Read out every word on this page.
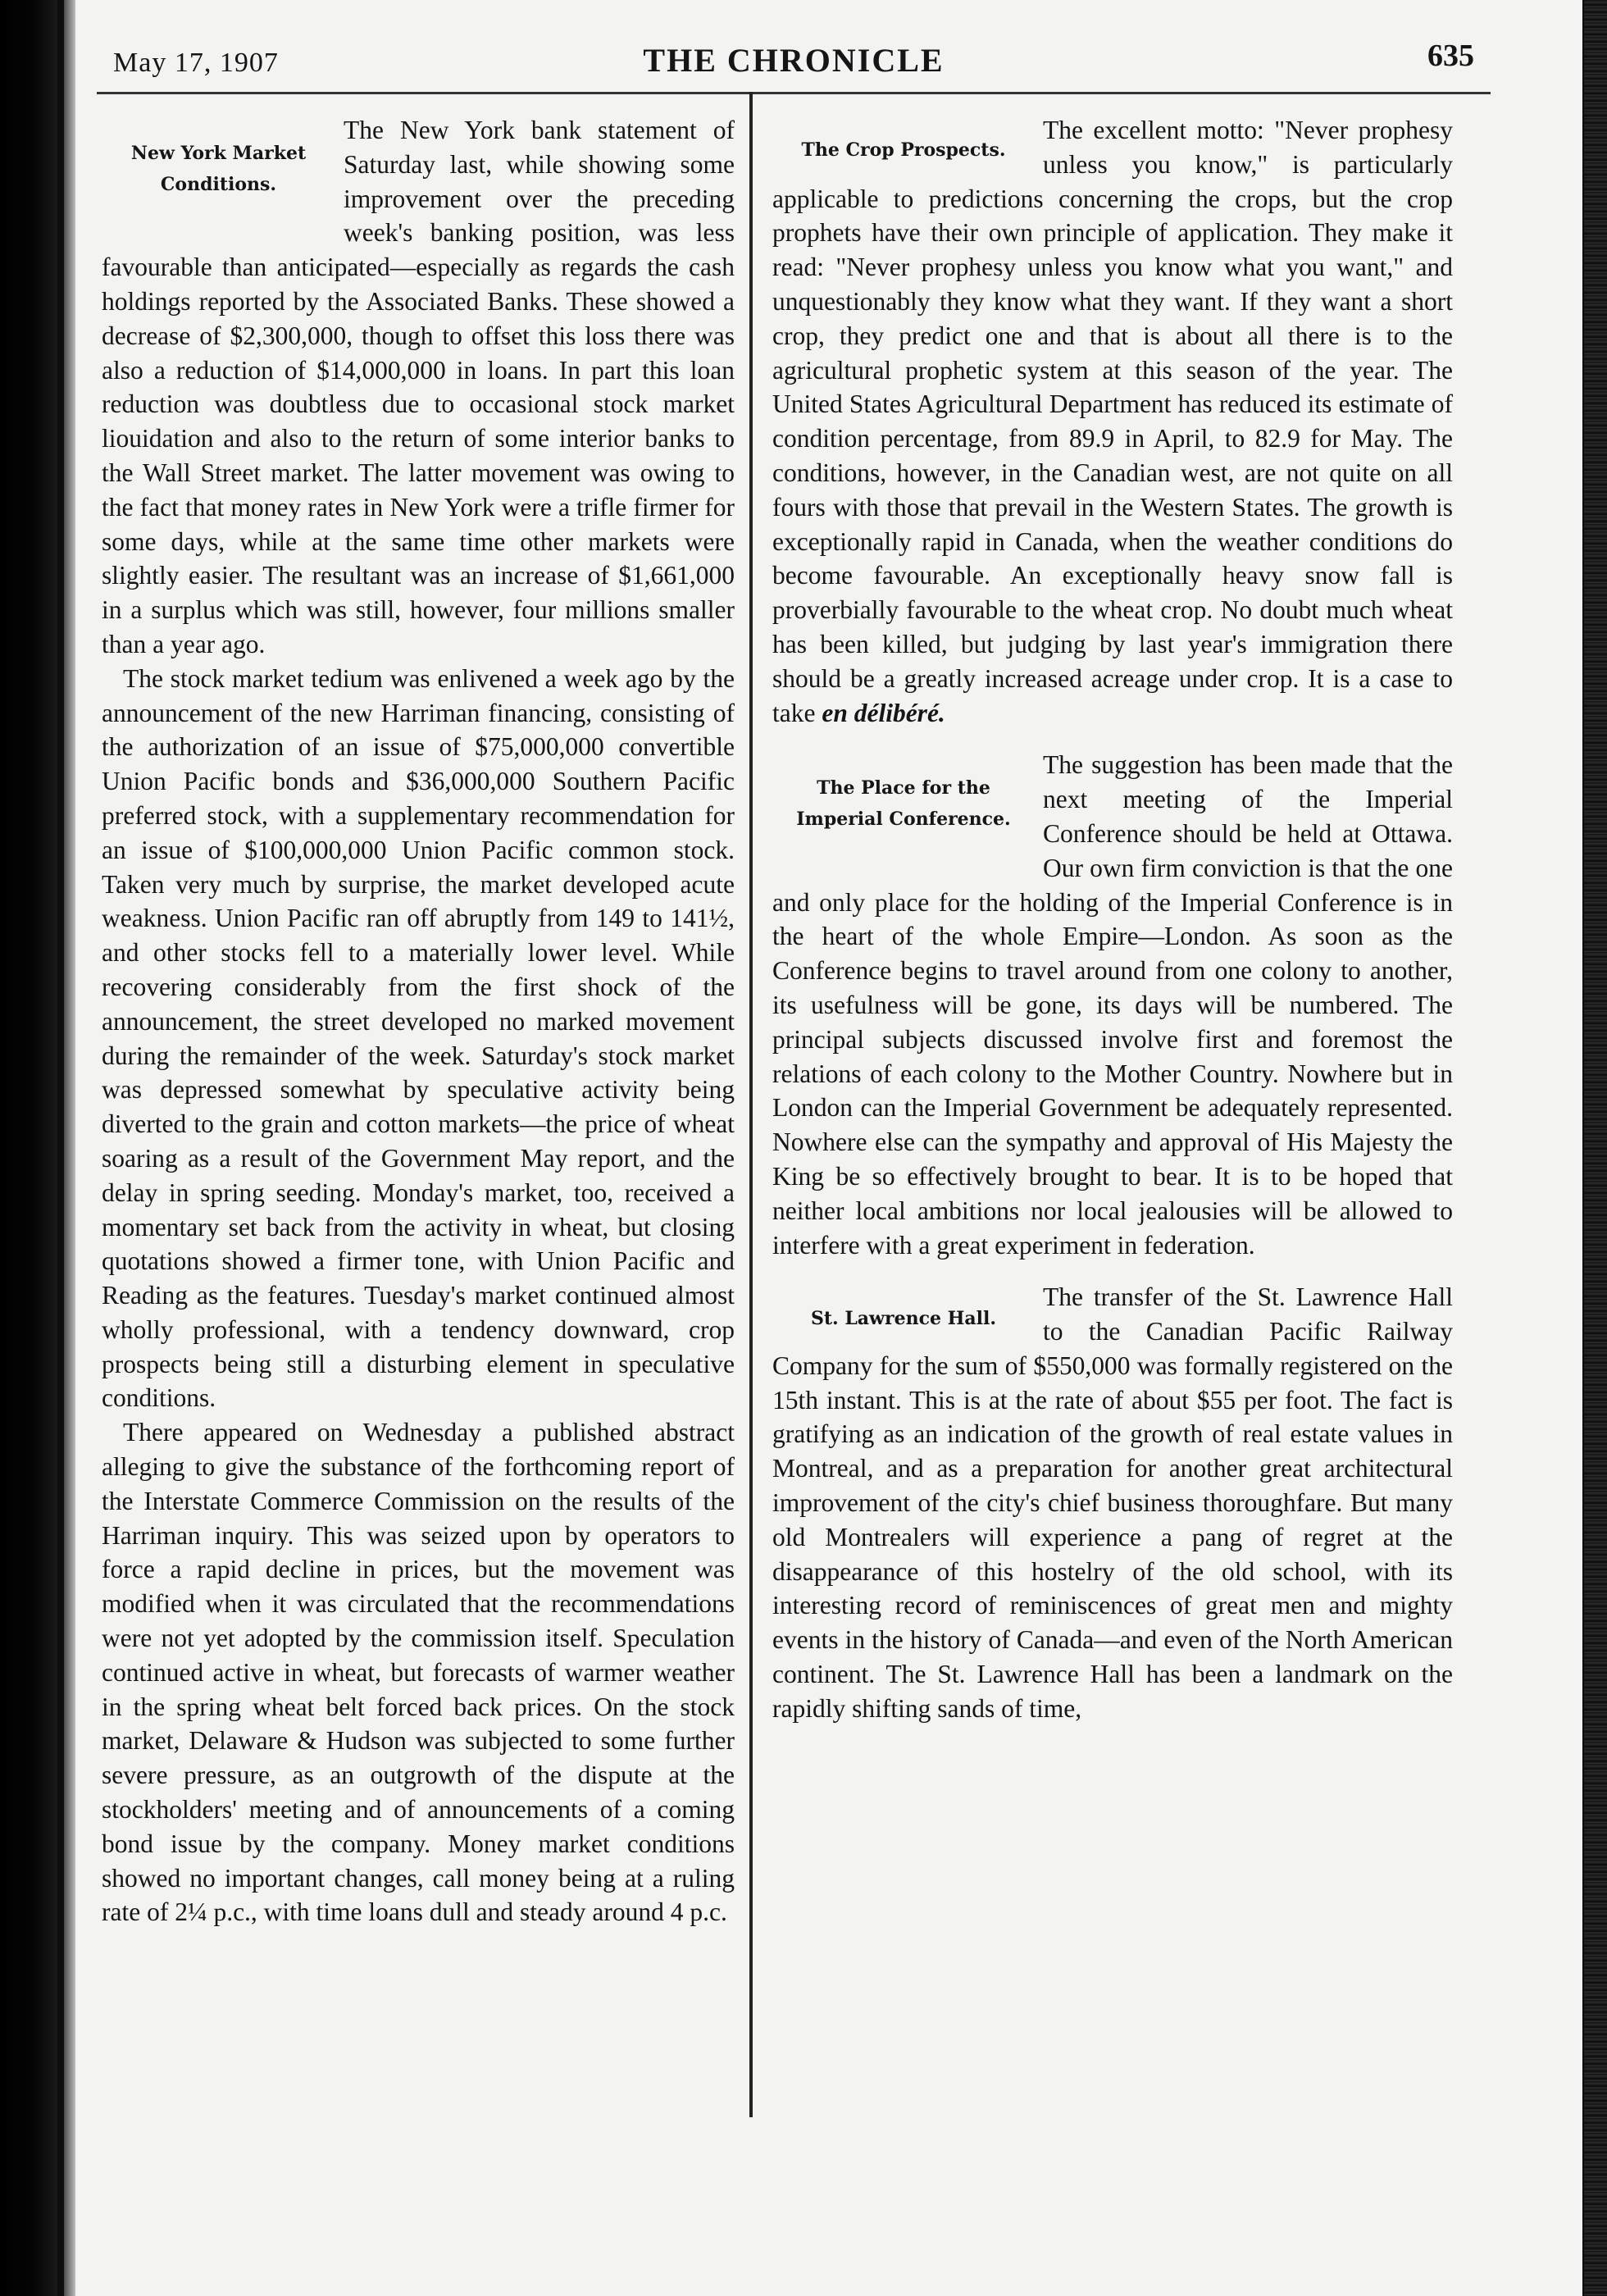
May 17, 1907	THE CHRONICLE	635
New York Market Conditions.

The New York bank statement of Saturday last, while showing some improvement over the preceding week's banking position, was less favourable than anticipated—especially as regards the cash holdings reported by the Associated Banks. These showed a decrease of $2,300,000, though to offset this loss there was also a reduction of $14,000,000 in loans. In part this loan reduction was doubtless due to occasional stock market liouidation and also to the return of some interior banks to the Wall Street market. The latter movement was owing to the fact that money rates in New York were a trifle firmer for some days, while at the same time other markets were slightly easier. The resultant was an increase of $1,661,000 in a surplus which was still, however, four millions smaller than a year ago.

The stock market tedium was enlivened a week ago by the announcement of the new Harriman financing, consisting of the authorization of an issue of $75,000,000 convertible Union Pacific bonds and $36,000,000 Southern Pacific preferred stock, with a supplementary recommendation for an issue of $100,000,000 Union Pacific common stock. Taken very much by surprise, the market developed acute weakness. Union Pacific ran off abruptly from 149 to 141½, and other stocks fell to a materially lower level. While recovering considerably from the first shock of the announcement, the street developed no marked movement during the remainder of the week. Saturday's stock market was depressed somewhat by speculative activity being diverted to the grain and cotton markets—the price of wheat soaring as a result of the Government May report, and the delay in spring seeding. Monday's market, too, received a momentary set back from the activity in wheat, but closing quotations showed a firmer tone, with Union Pacific and Reading as the features. Tuesday's market continued almost wholly professional, with a tendency downward, crop prospects being still a disturbing element in speculative conditions.

There appeared on Wednesday a published abstract alleging to give the substance of the forthcoming report of the Interstate Commerce Commission on the results of the Harriman inquiry. This was seized upon by operators to force a rapid decline in prices, but the movement was modified when it was circulated that the recommendations were not yet adopted by the commission itself. Speculation continued active in wheat, but forecasts of warmer weather in the spring wheat belt forced back prices. On the stock market, Delaware & Hudson was subjected to some further severe pressure, as an outgrowth of the dispute at the stockholders' meeting and of announcements of a coming bond issue by the company. Money market conditions showed no important changes, call money being at a ruling rate of 2¼ p.c., with time loans dull and steady around 4 p.c.

The Crop Prospects.

The excellent motto: "Never prophesy unless you know," is particularly applicable to predictions concerning the crops, but the crop prophets have their own principle of application. They make it read: "Never prophesy unless you know what you want," and unquestionably they know what they want. If they want a short crop, they predict one and that is about all there is to the agricultural prophetic system at this season of the year. The United States Agricultural Department has reduced its estimate of condition percentage, from 89.9 in April, to 82.9 for May. The conditions, however, in the Canadian west, are not quite on all fours with those that prevail in the Western States. The growth is exceptionally rapid in Canada, when the weather conditions do become favourable. An exceptionally heavy snow fall is proverbially favourable to the wheat crop. No doubt much wheat has been killed, but judging by last year's immigration there should be a greatly increased acreage under crop. It is a case to take en délibéré.

The Place for the Imperial Conference.

The suggestion has been made that the next meeting of the Imperial Conference should be held at Ottawa. Our own firm conviction is that the one and only place for the holding of the Imperial Conference is in the heart of the whole Empire—London. As soon as the Conference begins to travel around from one colony to another, its usefulness will be gone, its days will be numbered. The principal subjects discussed involve first and foremost the relations of each colony to the Mother Country. Nowhere but in London can the Imperial Government be adequately represented. Nowhere else can the sympathy and approval of His Majesty the King be so effectively brought to bear. It is to be hoped that neither local ambitions nor local jealousies will be allowed to interfere with a great experiment in federation.

St. Lawrence Hall.

The transfer of the St. Lawrence Hall to the Canadian Pacific Railway Company for the sum of $550,000 was formally registered on the 15th instant. This is at the rate of about $55 per foot. The fact is gratifying as an indication of the growth of real estate values in Montreal, and as a preparation for another great architectural improvement of the city's chief business thoroughfare. But many old Montrealers will experience a pang of regret at the disappearance of this hostelry of the old school, with its interesting record of reminiscences of great men and mighty events in the history of Canada—and even of the North American continent. The St. Lawrence Hall has been a landmark on the rapidly shifting sands of time,
